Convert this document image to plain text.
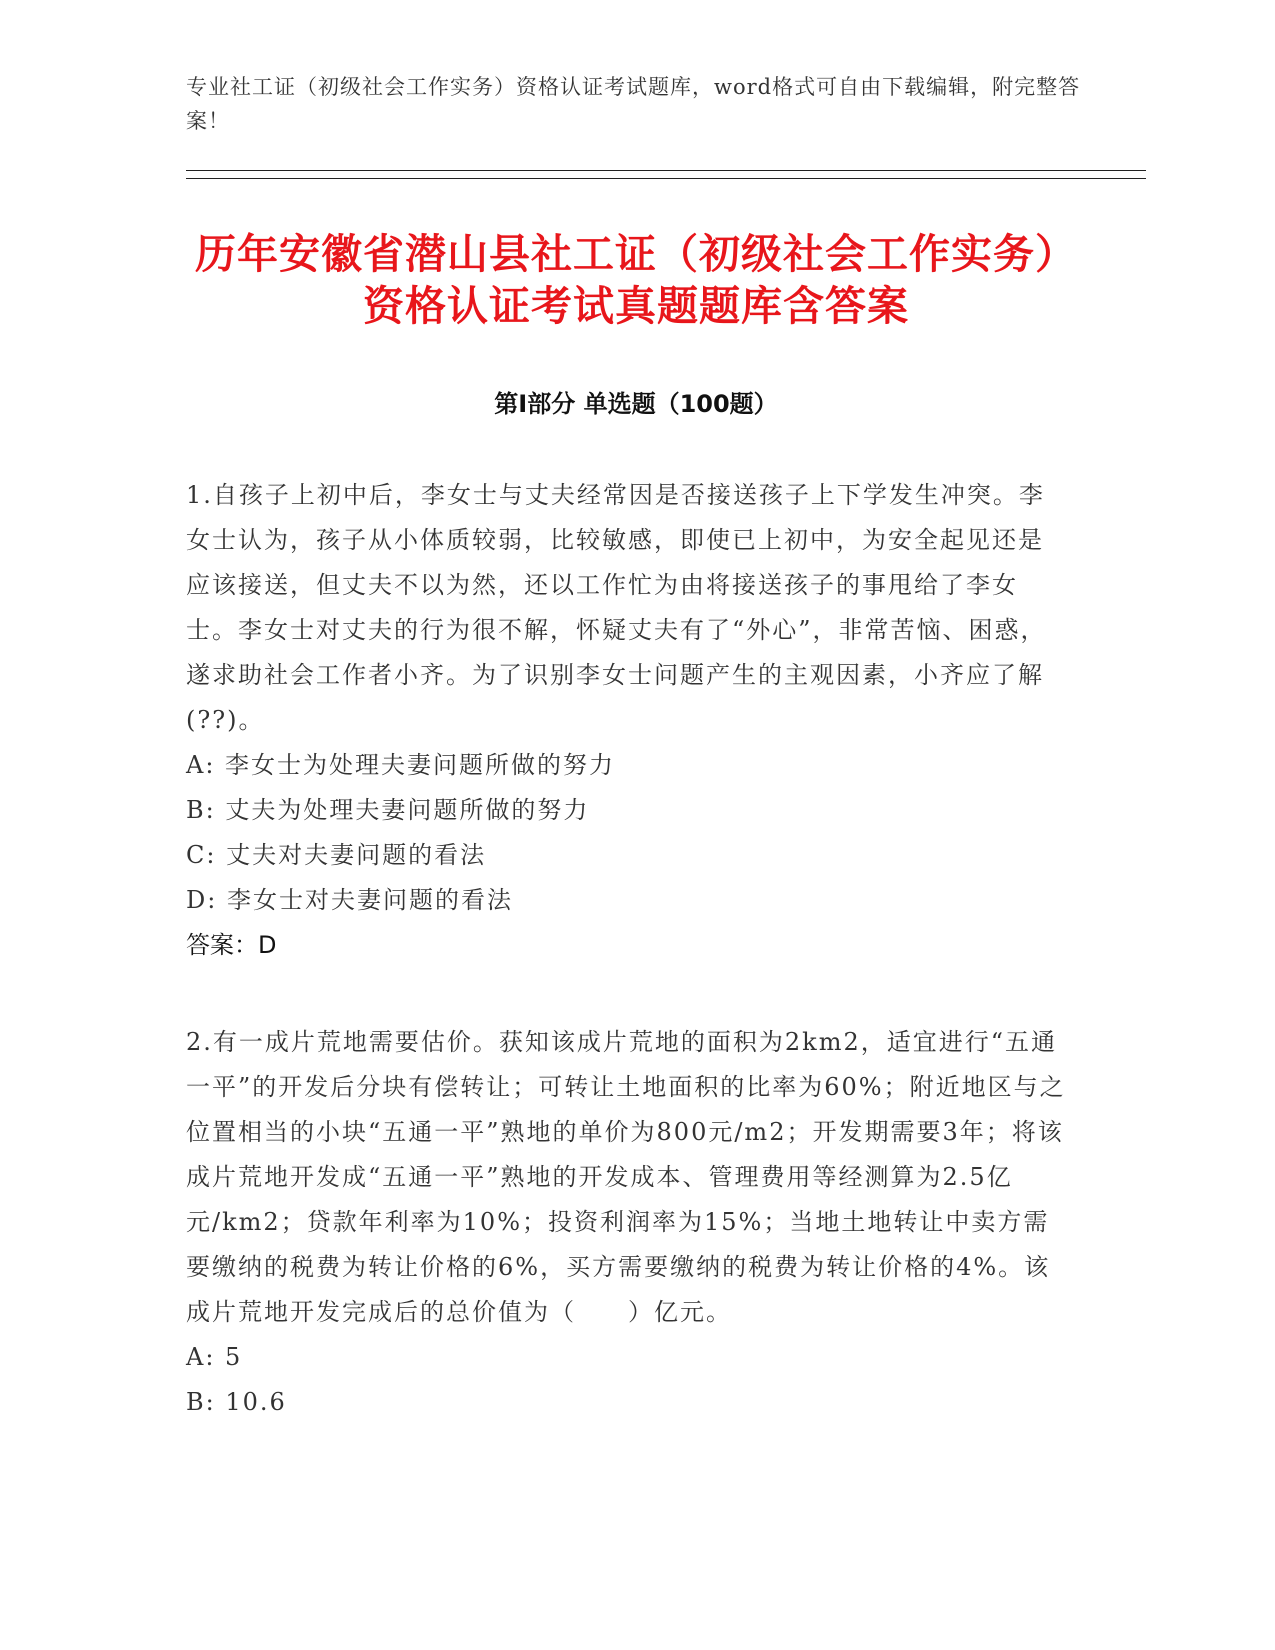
专业社工证（初级社会工作实务）资格认证考试题库，word格式可自由下载编辑，附完整答案！

历年安徽省潜山县社工证（初级社会工作实务）资格认证考试真题题库含答案
第Ⅰ部分 单选题（100题）

1.自孩子上初中后，李女士与丈夫经常因是否接送孩子上下学发生冲突。李女士认为，孩子从小体质较弱，比较敏感，即使已上初中，为安全起见还是应该接送，但丈夫不以为然，还以工作忙为由将接送孩子的事甩给了李女士。李女士对丈夫的行为很不解，怀疑丈夫有了“外心”，非常苦恼、困惑，遂求助社会工作者小齐。为了识别李女士问题产生的主观因素，小齐应了解(??)。

A: 李女士为处理夫妻问题所做的努力

B: 丈夫为处理夫妻问题所做的努力

C: 丈夫对夫妻问题的看法

D: 李女士对夫妻问题的看法

答案：D

2.有一成片荒地需要估价。获知该成片荒地的面积为2km2，适宜进行“五通一平”的开发后分块有偿转让；可转让土地面积的比率为60%；附近地区与之位置相当的小块“五通一平”熟地的单价为800元/m2；开发期需要3年；将该成片荒地开发成“五通一平”熟地的开发成本、管理费用等经测算为2.5亿元/km2；贷款年利率为10%；投资利润率为15%；当地土地转让中卖方需要缴纳的税费为转让价格的6%，买方需要缴纳的税费为转让价格的4%。该成片荒地开发完成后的总价值为（　　）亿元。

A: 5

B: 10.6
